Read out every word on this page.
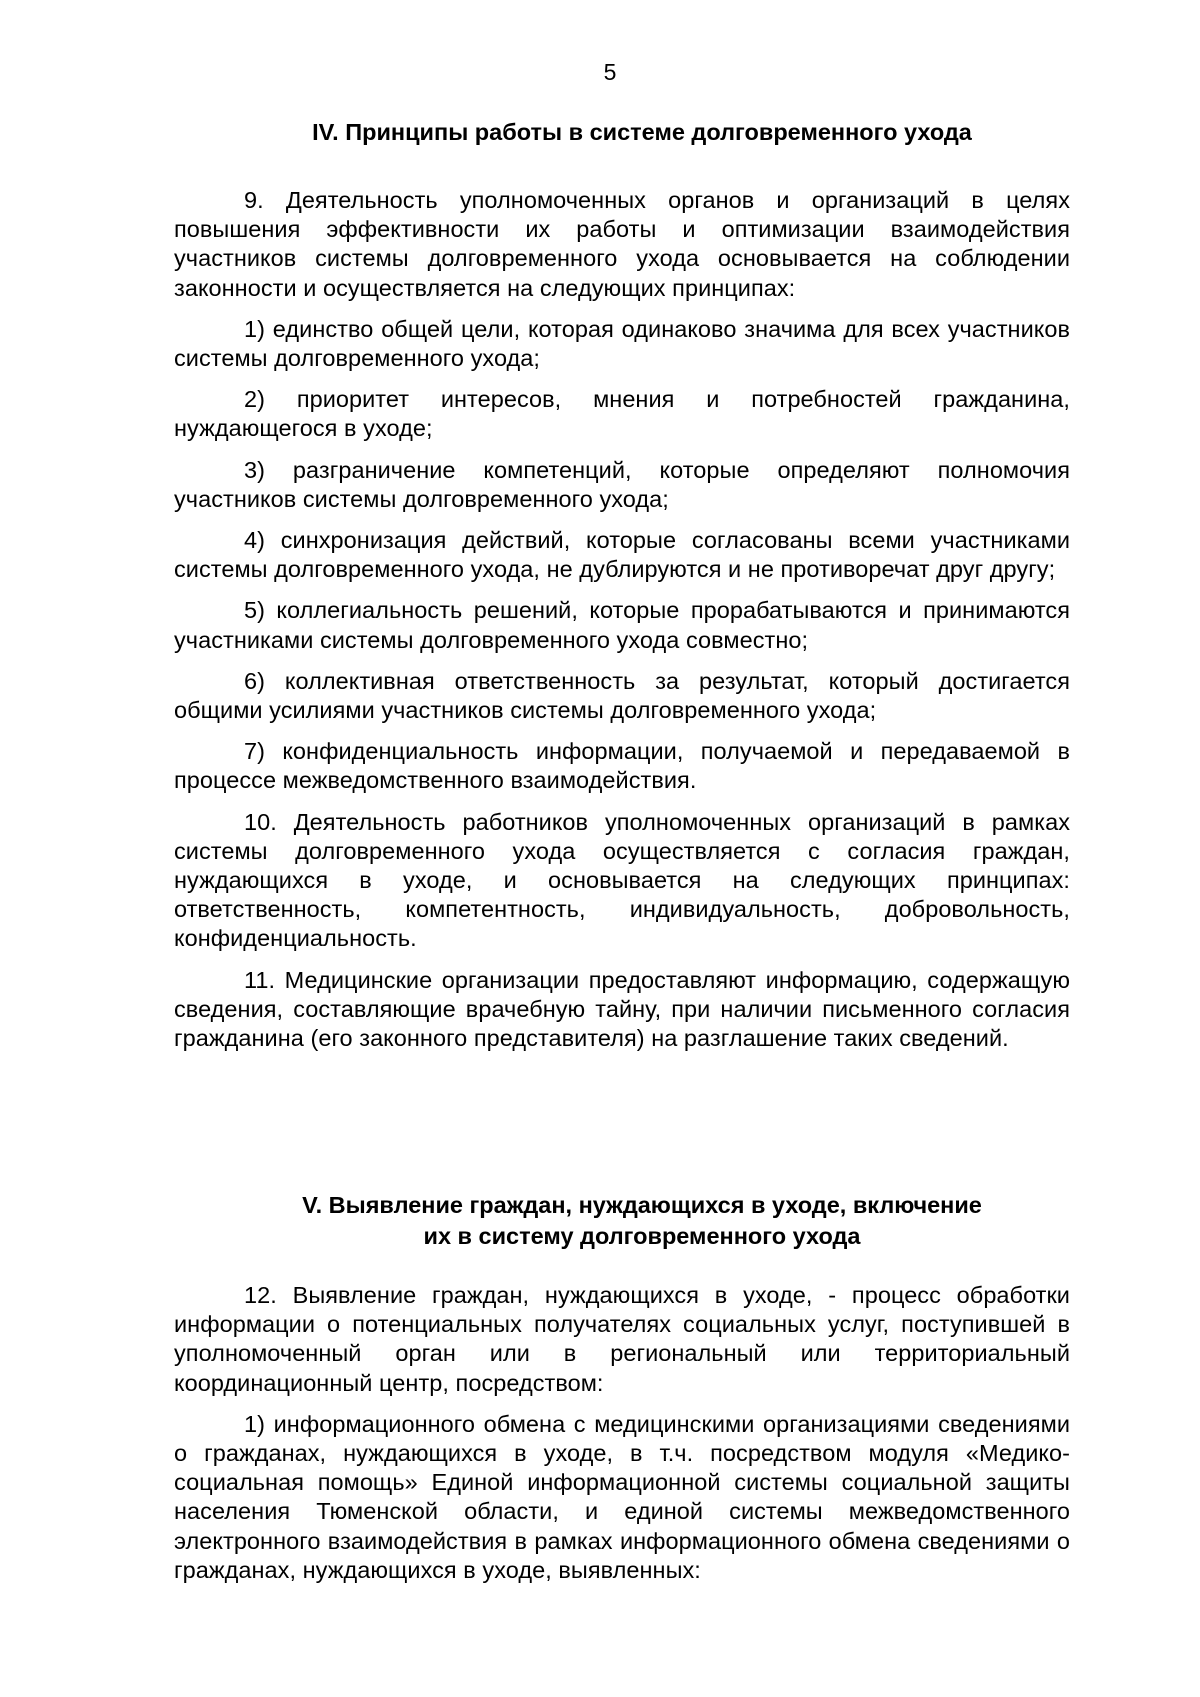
5
IV. Принципы работы в системе долговременного ухода

9. Деятельность уполномоченных органов и организаций в целях повышения эффективности их работы и оптимизации взаимодействия участников системы долговременного ухода основывается на соблюдении законности и осуществляется на следующих принципах:

1) единство общей цели, которая одинаково значима для всех участников системы долговременного ухода;

2) приоритет интересов, мнения и потребностей гражданина, нуждающегося в уходе;

3) разграничение компетенций, которые определяют полномочия участников системы долговременного ухода;

4) синхронизация действий, которые согласованы всеми участниками системы долговременного ухода, не дублируются и не противоречат друг другу;

5) коллегиальность решений, которые прорабатываются и принимаются участниками системы долговременного ухода совместно;

6) коллективная ответственность за результат, который достигается общими усилиями участников системы долговременного ухода;

7) конфиденциальность информации, получаемой и передаваемой в процессе межведомственного взаимодействия.

10. Деятельность работников уполномоченных организаций в рамках системы долговременного ухода осуществляется с согласия граждан, нуждающихся в уходе, и основывается на следующих принципах: ответственность, компетентность, индивидуальность, добровольность, конфиденциальность.

11. Медицинские организации предоставляют информацию, содержащую сведения, составляющие врачебную тайну, при наличии письменного согласия гражданина (его законного представителя) на разглашение таких сведений.

V. Выявление граждан, нуждающихся в уходе, включение
их в систему долговременного ухода

12. Выявление граждан, нуждающихся в уходе, - процесс обработки информации о потенциальных получателях социальных услуг, поступившей в уполномоченный орган или в региональный или территориальный координационный центр, посредством:

1) информационного обмена с медицинскими организациями сведениями о гражданах, нуждающихся в уходе, в т.ч. посредством модуля «Медико-социальная помощь» Единой информационной системы социальной защиты населения Тюменской области, и единой системы межведомственного электронного взаимодействия в рамках информационного обмена сведениями о гражданах, нуждающихся в уходе, выявленных:
